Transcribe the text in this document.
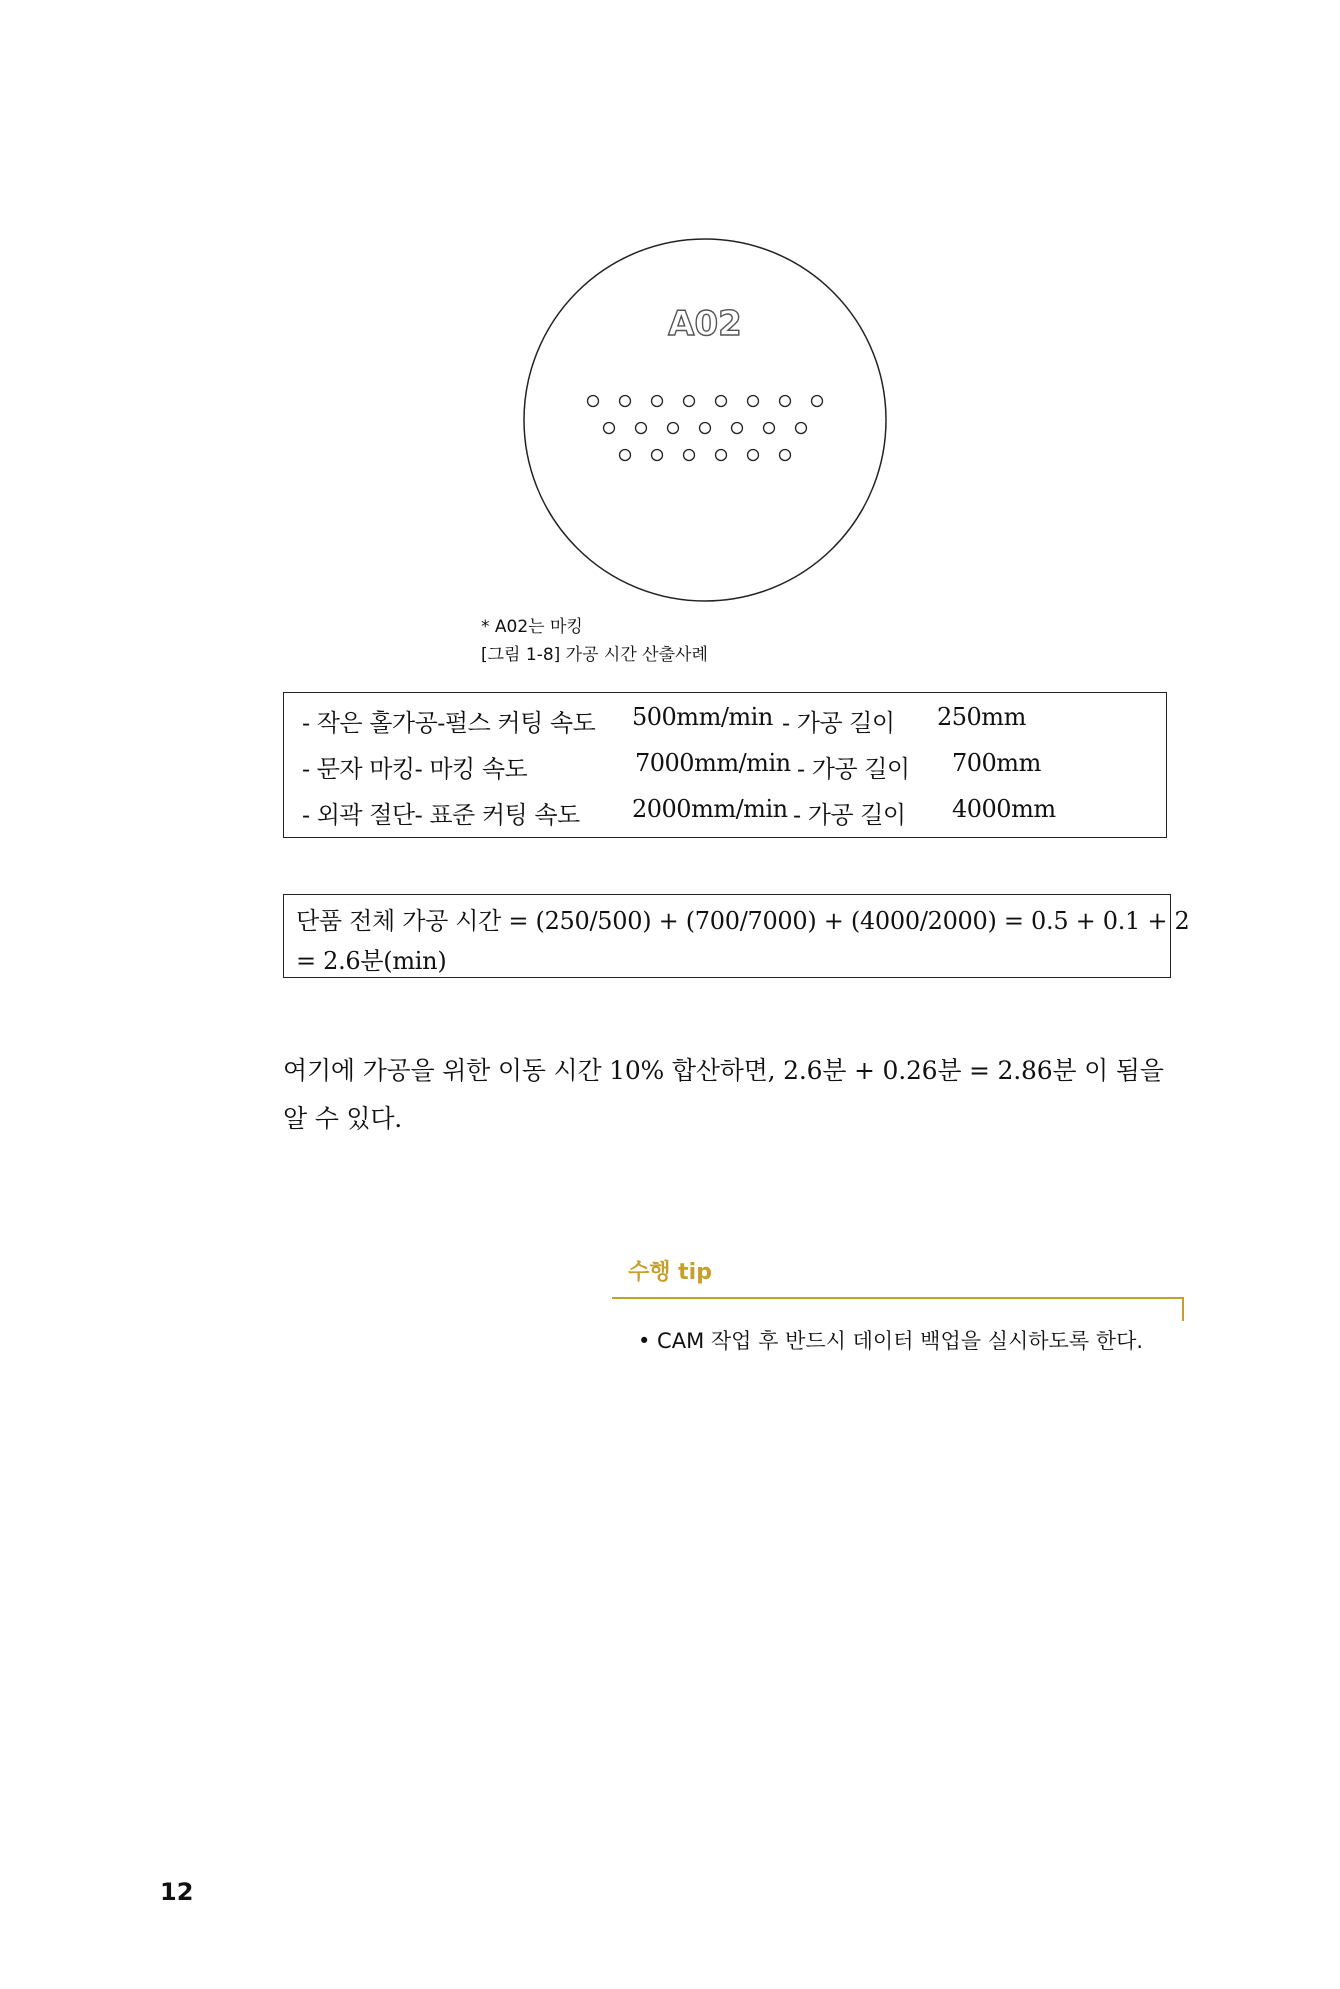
A02
* A02는 마킹
[그림 1-8] 가공 시간 산출사례
- 작은 홀가공-펄스 커팅 속도 500mm/min - 가공 길이 250mm
- 문자 마킹- 마킹 속도	7000mm/min - 가공 길이 700mm
- 외곽 절단- 표준 커팅 속도 2000mm/min - 가공 길이 4000mm
단품 전체 가공 시간 = (250/500) + (700/7000) + (4000/2000) = 0.5 + 0.1 + 2
= 2.6분(min)
여기에 가공을 위한 이동 시간 10% 합산하면, 2.6분 + 0.26분 = 2.86분 이 됨을 알 수 있다.
수행 tip
• CAM 작업 후 반드시 데이터 백업을 실시하도록 한다.
12
